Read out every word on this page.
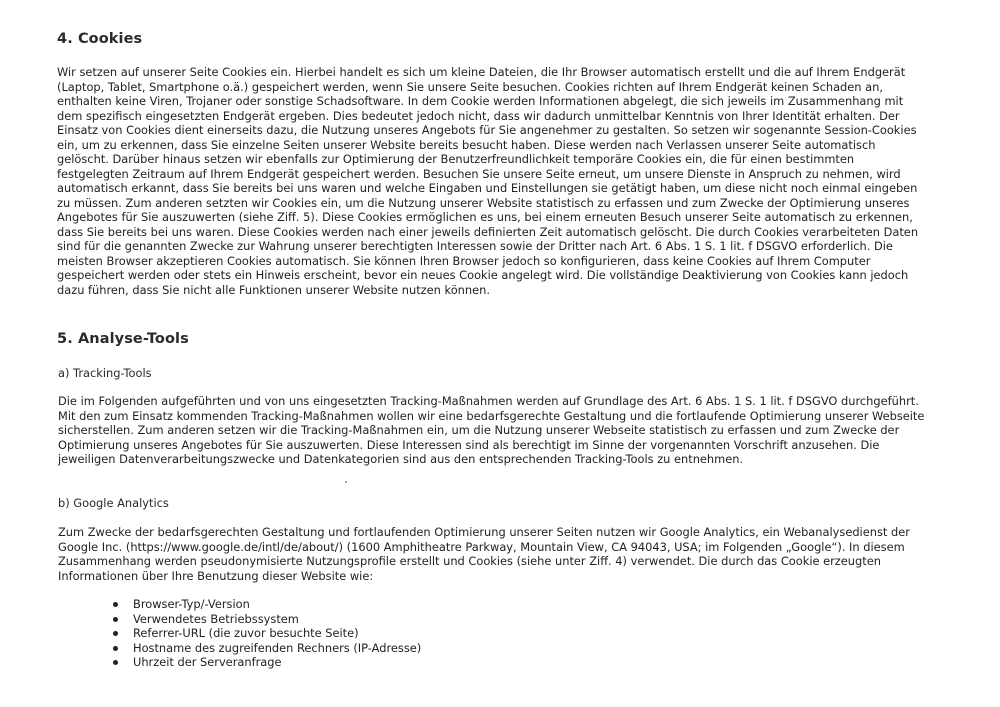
4. Cookies
Wir setzen auf unserer Seite Cookies ein. Hierbei handelt es sich um kleine Dateien, die Ihr Browser automatisch erstellt und die auf Ihrem Endgerät
(Laptop, Tablet, Smartphone o.ä.) gespeichert werden, wenn Sie unsere Seite besuchen. Cookies richten auf Ihrem Endgerät keinen Schaden an,
enthalten keine Viren, Trojaner oder sonstige Schadsoftware. In dem Cookie werden Informationen abgelegt, die sich jeweils im Zusammenhang mit
dem spezifisch eingesetzten Endgerät ergeben. Dies bedeutet jedoch nicht, dass wir dadurch unmittelbar Kenntnis von Ihrer Identität erhalten. Der
Einsatz von Cookies dient einerseits dazu, die Nutzung unseres Angebots für Sie angenehmer zu gestalten. So setzen wir sogenannte Session-Cookies
ein, um zu erkennen, dass Sie einzelne Seiten unserer Website bereits besucht haben. Diese werden nach Verlassen unserer Seite automatisch
gelöscht. Darüber hinaus setzen wir ebenfalls zur Optimierung der Benutzerfreundlichkeit temporäre Cookies ein, die für einen bestimmten
festgelegten Zeitraum auf Ihrem Endgerät gespeichert werden. Besuchen Sie unsere Seite erneut, um unsere Dienste in Anspruch zu nehmen, wird
automatisch erkannt, dass Sie bereits bei uns waren und welche Eingaben und Einstellungen sie getätigt haben, um diese nicht noch einmal eingeben
zu müssen. Zum anderen setzten wir Cookies ein, um die Nutzung unserer Website statistisch zu erfassen und zum Zwecke der Optimierung unseres
Angebotes für Sie auszuwerten (siehe Ziff. 5). Diese Cookies ermöglichen es uns, bei einem erneuten Besuch unserer Seite automatisch zu erkennen,
dass Sie bereits bei uns waren. Diese Cookies werden nach einer jeweils definierten Zeit automatisch gelöscht. Die durch Cookies verarbeiteten Daten
sind für die genannten Zwecke zur Wahrung unserer berechtigten Interessen sowie der Dritter nach Art. 6 Abs. 1 S. 1 lit. f DSGVO erforderlich. Die
meisten Browser akzeptieren Cookies automatisch. Sie können Ihren Browser jedoch so konfigurieren, dass keine Cookies auf Ihrem Computer
gespeichert werden oder stets ein Hinweis erscheint, bevor ein neues Cookie angelegt wird. Die vollständige Deaktivierung von Cookies kann jedoch
dazu führen, dass Sie nicht alle Funktionen unserer Website nutzen können.
5. Analyse-Tools
a) Tracking-Tools
Die im Folgenden aufgeführten und von uns eingesetzten Tracking-Maßnahmen werden auf Grundlage des Art. 6 Abs. 1 S. 1 lit. f DSGVO durchgeführt.
Mit den zum Einsatz kommenden Tracking-Maßnahmen wollen wir eine bedarfsgerechte Gestaltung und die fortlaufende Optimierung unserer Webseite
sicherstellen. Zum anderen setzen wir die Tracking-Maßnahmen ein, um die Nutzung unserer Webseite statistisch zu erfassen und zum Zwecke der
Optimierung unseres Angebotes für Sie auszuwerten. Diese Interessen sind als berechtigt im Sinne der vorgenannten Vorschrift anzusehen. Die
jeweiligen Datenverarbeitungszwecke und Datenkategorien sind aus den entsprechenden Tracking-Tools zu entnehmen.
b) Google Analytics
Zum Zwecke der bedarfsgerechten Gestaltung und fortlaufenden Optimierung unserer Seiten nutzen wir Google Analytics, ein Webanalysedienst der
Google Inc. (https://www.google.de/intl/de/about/) (1600 Amphitheatre Parkway, Mountain View, CA 94043, USA; im Folgenden „Google“). In diesem
Zusammenhang werden pseudonymisierte Nutzungsprofile erstellt und Cookies (siehe unter Ziff. 4) verwendet. Die durch das Cookie erzeugten
Informationen über Ihre Benutzung dieser Website wie:
Browser-Typ/-Version
Verwendetes Betriebssystem
Referrer-URL (die zuvor besuchte Seite)
Hostname des zugreifenden Rechners (IP-Adresse)
Uhrzeit der Serveranfrage
